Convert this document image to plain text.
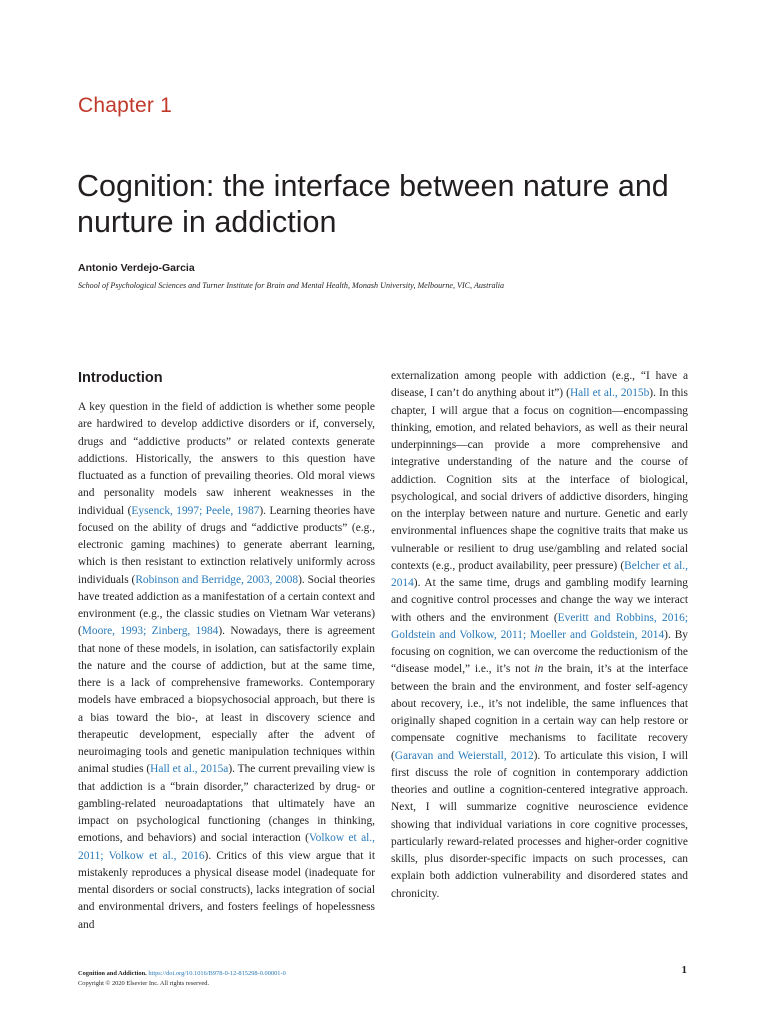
Chapter 1
Cognition: the interface between nature and nurture in addiction
Antonio Verdejo-Garcia
School of Psychological Sciences and Turner Institute for Brain and Mental Health, Monash University, Melbourne, VIC, Australia
Introduction

A key question in the field of addiction is whether some people are hardwired to develop addictive disorders or if, conversely, drugs and “addictive products” or related contexts generate addictions. Historically, the answers to this question have fluctuated as a function of prevailing theories. Old moral views and personality models saw inherent weaknesses in the individual (Eysenck, 1997; Peele, 1987). Learning theories have focused on the ability of drugs and “addictive products” (e.g., electronic gaming machines) to generate aberrant learning, which is then resistant to extinction relatively uniformly across individuals (Robinson and Berridge, 2003, 2008). Social theories have treated addiction as a manifestation of a certain context and environment (e.g., the classic studies on Vietnam War veterans) (Moore, 1993; Zinberg, 1984). Nowadays, there is agreement that none of these models, in isolation, can satisfactorily explain the nature and the course of addiction, but at the same time, there is a lack of comprehensive frameworks. Contemporary models have embraced a biopsychosocial approach, but there is a bias toward the bio-, at least in discovery science and therapeutic development, especially after the advent of neuroimaging tools and genetic manipulation techniques within animal studies (Hall et al., 2015a). The current prevailing view is that addiction is a “brain disorder,” characterized by drug- or gambling-related neuroadaptations that ultimately have an impact on psychological functioning (changes in thinking, emotions, and behaviors) and social interaction (Volkow et al., 2011; Volkow et al., 2016). Critics of this view argue that it mistakenly reproduces a physical disease model (inadequate for mental disorders or social constructs), lacks integration of social and environmental drivers, and fosters feelings of hopelessness and

externalization among people with addiction (e.g., “I have a disease, I can’t do anything about it”) (Hall et al., 2015b). In this chapter, I will argue that a focus on cognition—encompassing thinking, emotion, and related behaviors, as well as their neural underpinnings—can provide a more comprehensive and integrative understanding of the nature and the course of addiction. Cognition sits at the interface of biological, psychological, and social drivers of addictive disorders, hinging on the interplay between nature and nurture. Genetic and early environmental influences shape the cognitive traits that make us vulnerable or resilient to drug use/gambling and related social contexts (e.g., product availability, peer pressure) (Belcher et al., 2014). At the same time, drugs and gambling modify learning and cognitive control processes and change the way we interact with others and the environment (Everitt and Robbins, 2016; Goldstein and Volkow, 2011; Moeller and Goldstein, 2014). By focusing on cognition, we can overcome the reductionism of the “disease model,” i.e., it’s not in the brain, it’s at the interface between the brain and the environment, and foster self-agency about recovery, i.e., it’s not indelible, the same influences that originally shaped cognition in a certain way can help restore or compensate cognitive mechanisms to facilitate recovery (Garavan and Weierstall, 2012). To articulate this vision, I will first discuss the role of cognition in contemporary addiction theories and outline a cognition-centered integrative approach. Next, I will summarize cognitive neuroscience evidence showing that individual variations in core cognitive processes, particularly reward-related processes and higher-order cognitive skills, plus disorder-specific impacts on such processes, can explain both addiction vulnerability and disordered states and chronicity.

Cognition and Addiction. https://doi.org/10.1016/B978-0-12-815298-0.00001-0
Copyright © 2020 Elsevier Inc. All rights reserved.
1
